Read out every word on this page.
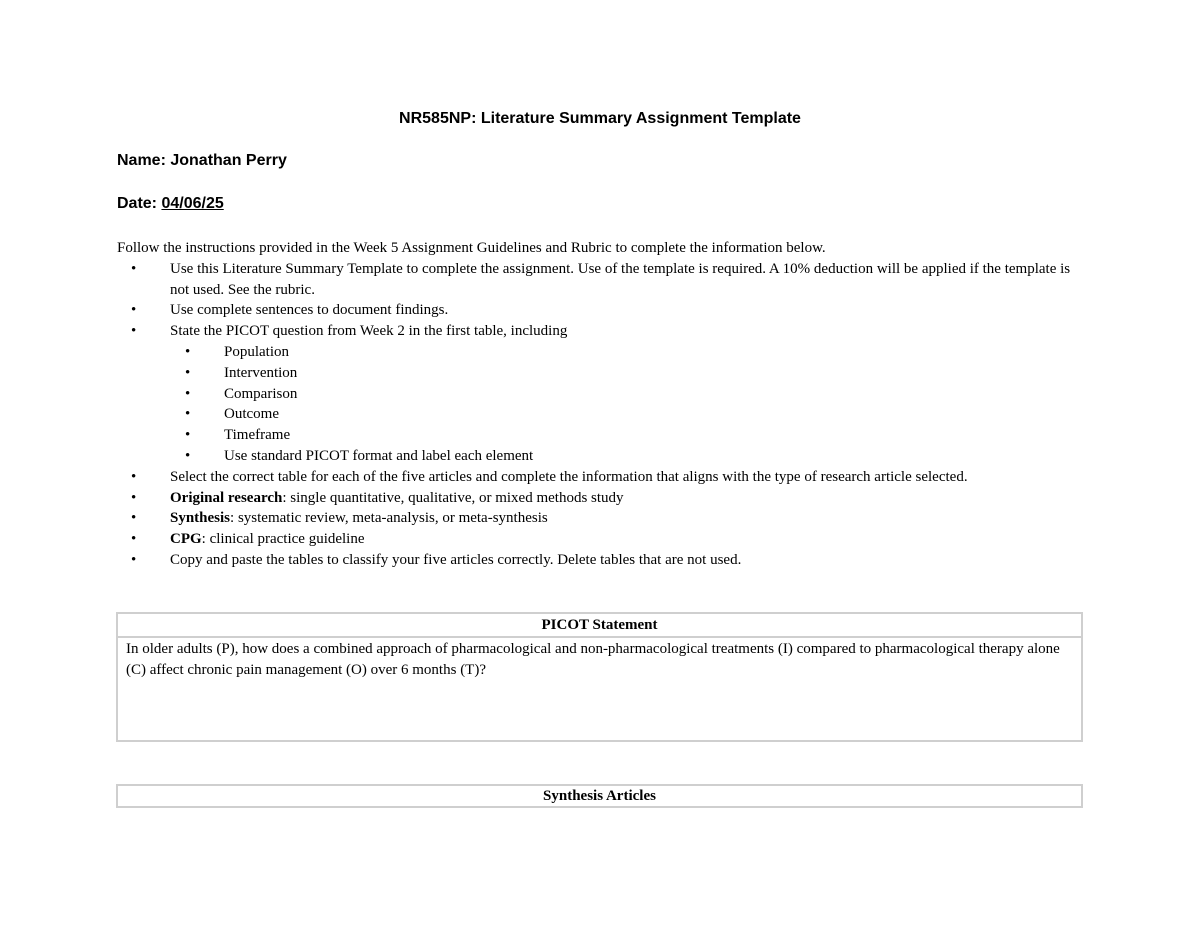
NR585NP: Literature Summary Assignment Template
Name: Jonathan Perry
Date: 04/06/25
Follow the instructions provided in the Week 5 Assignment Guidelines and Rubric to complete the information below.
• Use this Literature Summary Template to complete the assignment. Use of the template is required. A 10% deduction will be applied if the template is not used. See the rubric.
• Use complete sentences to document findings.
• State the PICOT question from Week 2 in the first table, including
• Population
• Intervention
• Comparison
• Outcome
• Timeframe
• Use standard PICOT format and label each element
• Select the correct table for each of the five articles and complete the information that aligns with the type of research article selected.
• Original research: single quantitative, qualitative, or mixed methods study
• Synthesis: systematic review, meta-analysis, or meta-synthesis
• CPG: clinical practice guideline
• Copy and paste the tables to classify your five articles correctly. Delete tables that are not used.
PICOT Statement
In older adults (P), how does a combined approach of pharmacological and non-pharmacological treatments (I) compared to pharmacological therapy alone (C) affect chronic pain management (O) over 6 months (T)?
Synthesis Articles
